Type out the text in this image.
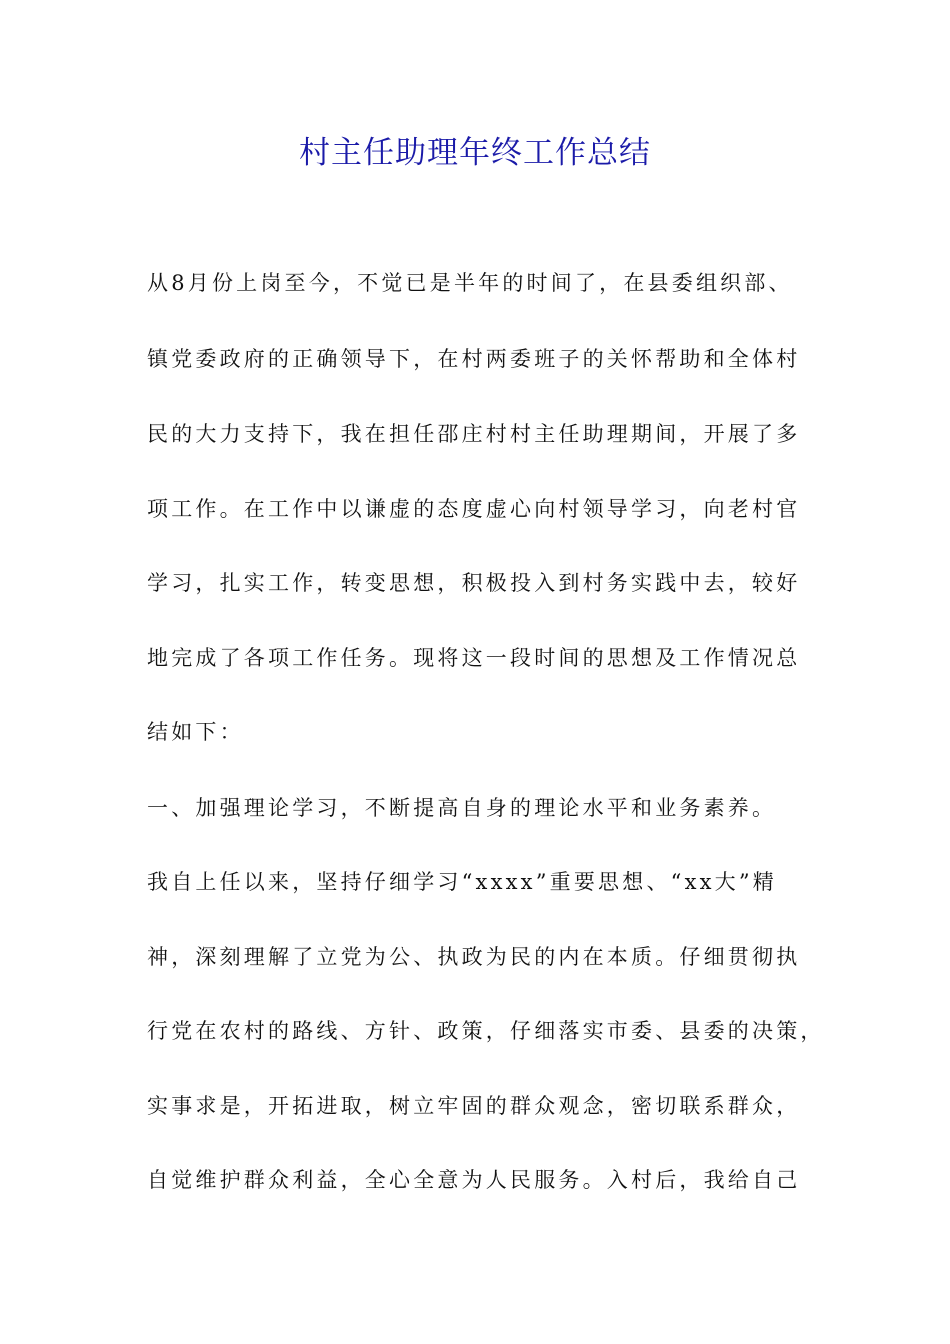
村主任助理年终工作总结

从8月份上岗至今，不觉已是半年的时间了，在县委组织部、

镇党委政府的正确领导下，在村两委班子的关怀帮助和全体村

民的大力支持下，我在担任邵庄村村主任助理期间，开展了多

项工作。在工作中以谦虚的态度虚心向村领导学习，向老村官

学习，扎实工作，转变思想，积极投入到村务实践中去，较好

地完成了各项工作任务。现将这一段时间的思想及工作情况总

结如下：

一、加强理论学习，不断提高自身的理论水平和业务素养。

我自上任以来，坚持仔细学习“xxxx”重要思想、“xx大”精

神，深刻理解了立党为公、执政为民的内在本质。仔细贯彻执

行党在农村的路线、方针、政策，仔细落实市委、县委的决策，

实事求是，开拓进取，树立牢固的群众观念，密切联系群众，

自觉维护群众利益，全心全意为人民服务。入村后，我给自己
